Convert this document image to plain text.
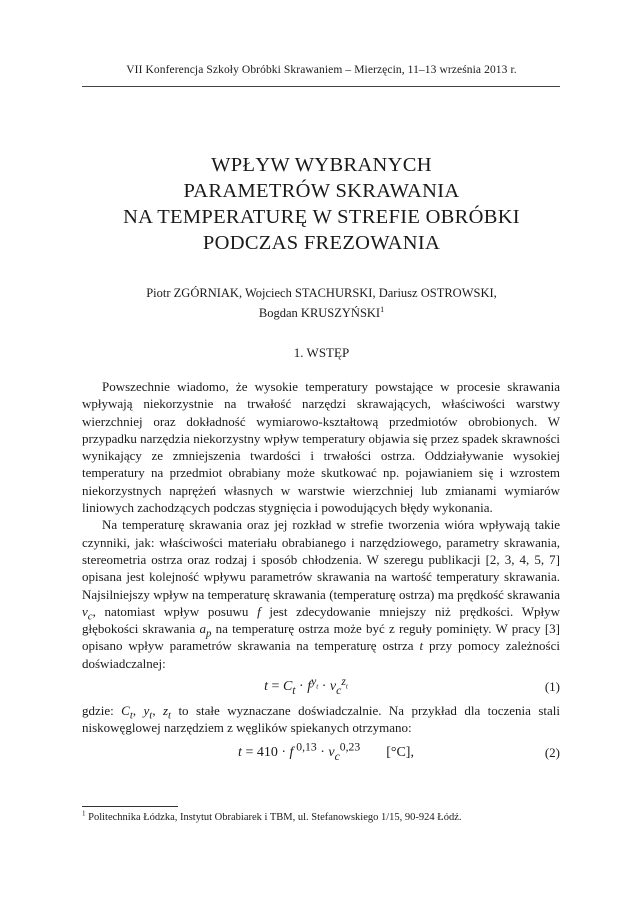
VII Konferencja Szkoły Obróbki Skrawaniem – Mierzęcin, 11–13 września 2013 r.
WPŁYW WYBRANYCH
PARAMETRÓW SKRAWANIA
NA TEMPERATURĘ W STREFIE OBRÓBKI
PODCZAS FREZOWANIA
Piotr ZGÓRNIAK, Wojciech STACHURSKI, Dariusz OSTROWSKI,
Bogdan KRUSZYŃSKI$^1$
1. WSTĘP

Powszechnie wiadomo, że wysokie temperatury powstające w procesie skrawania wpływają niekorzystnie na trwałość narzędzi skrawających, właściwości warstwy wierzchniej oraz dokładność wymiarowo-kształtową przedmiotów obrobionych. W przypadku narzędzia niekorzystny wpływ temperatury objawia się przez spadek skrawności wynikający ze zmniejszenia twardości i trwałości ostrza. Oddziaływanie wysokiej temperatury na przedmiot obrabiany może skutkować np. pojawianiem się i wzrostem niekorzystnych naprężeń własnych w warstwie wierzchniej lub zmianami wymiarów liniowych zachodzących podczas stygnięcia i powodujących błędy wykonania.

Na temperaturę skrawania oraz jej rozkład w strefie tworzenia wióra wpływają takie czynniki, jak: właściwości materiału obrabianego i narzędziowego, parametry skrawania, stereometria ostrza oraz rodzaj i sposób chłodzenia. W szeregu publikacji [2, 3, 4, 5, 7] opisana jest kolejność wpływu parametrów skrawania na wartość temperatury skrawania. Najsilniejszy wpływ na temperaturę skrawania (temperaturę ostrza) ma prędkość skrawania $v_c$, natomiast wpływ posuwu f jest zdecydowanie mniejszy niż prędkości. Wpływ głębokości skrawania $a_p$ na temperaturę ostrza może być z reguły pominięty. W pracy [3] opisano wpływ parametrów skrawania na temperaturę ostrza t przy pomocy zależności doświadczalnej:

$t = C_t \cdot f^{y_t} \cdot v_c^{z_t}$	(1)

gdzie: $C_t$, $y_t$, $z_t$ to stałe wyznaczane doświadczalnie. Na przykład dla toczenia stali niskowęglowej narzędziem z węglików spiekanych otrzymano:

t = 410 · f $^{0,13} \cdot v_c^{0,23}$ [°C],	(2)
$^1$ Politechnika Łódzka, Instytut Obrabiarek i TBM, ul. Stefanowskiego 1/15, 90-924 Łódź.
